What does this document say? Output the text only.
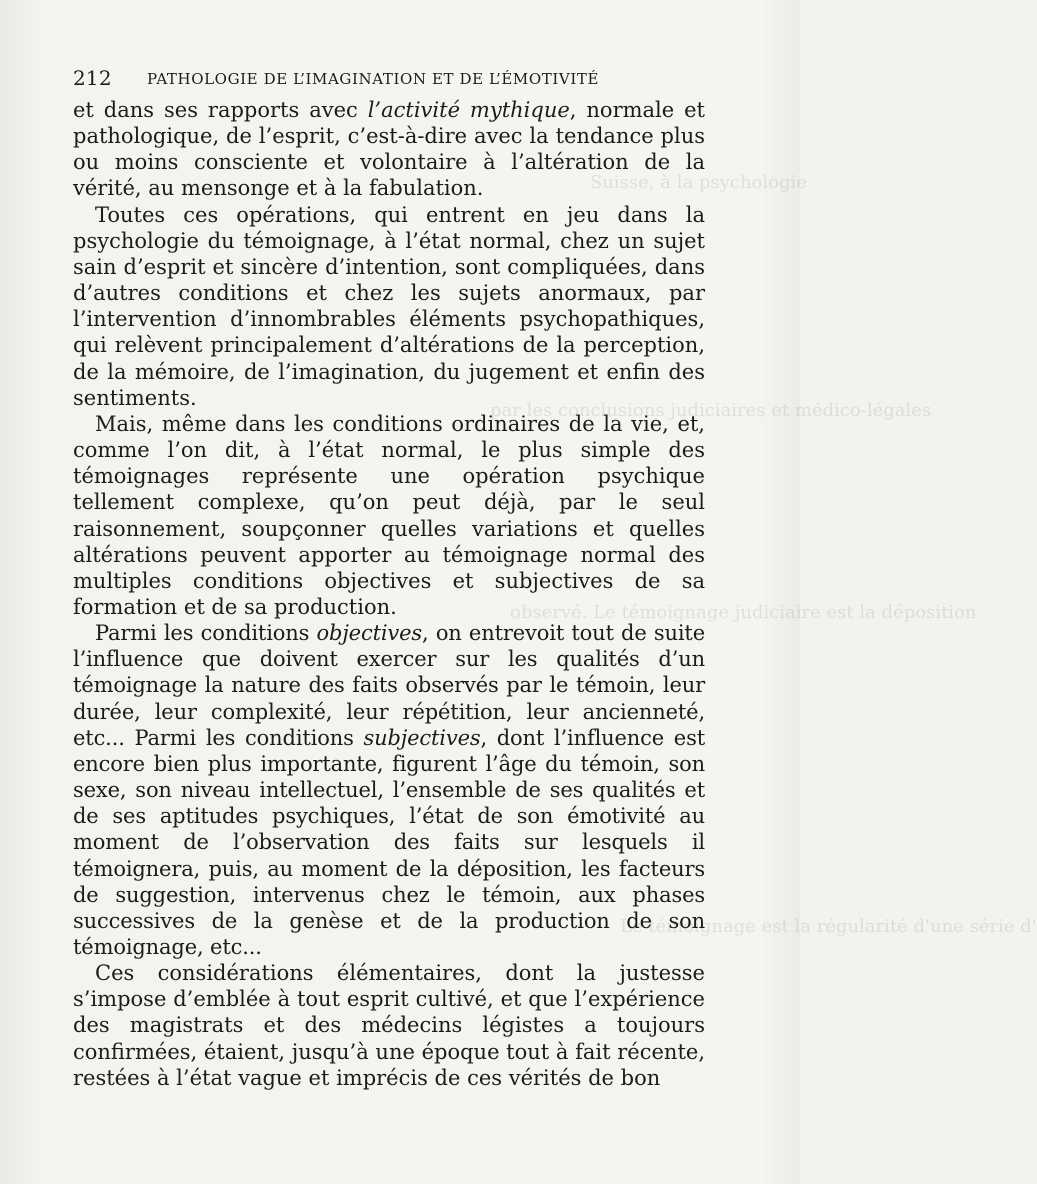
Suisse, à la psychologie
par les conclusions judiciaires et médico-légales
observé. Le témoignage judiciaire est la déposition
Le témoignage est la régularité d'une série d'
212 PATHOLOGIE DE L’IMAGINATION ET DE L’ÉMOTIVITÉ

et dans ses rapports avec l’activité mythique, normale et pathologique, de l’esprit, c’est-à-dire avec la tendance plus ou moins consciente et volontaire à l’altération de la vérité, au mensonge et à la fabulation.

Toutes ces opérations, qui entrent en jeu dans la psychologie du témoignage, à l’état normal, chez un sujet sain d’esprit et sincère d’intention, sont compliquées, dans d’autres conditions et chez les sujets anormaux, par l’intervention d’innombrables éléments psychopathiques, qui relèvent principalement d’altérations de la perception, de la mémoire, de l’imagination, du jugement et enfin des sentiments.

Mais, même dans les conditions ordinaires de la vie, et, comme l’on dit, à l’état normal, le plus simple des témoignages représente une opération psychique tellement complexe, qu’on peut déjà, par le seul raisonnement, soupçonner quelles variations et quelles altérations peuvent apporter au témoignage normal des multiples conditions objectives et subjectives de sa formation et de sa production.

Parmi les conditions objectives, on entrevoit tout de suite l’influence que doivent exercer sur les qualités d’un témoignage la nature des faits observés par le témoin, leur durée, leur complexité, leur répétition, leur ancienneté, etc... Parmi les conditions subjectives, dont l’influence est encore bien plus importante, figurent l’âge du témoin, son sexe, son niveau intellectuel, l’ensemble de ses qualités et de ses aptitudes psychiques, l’état de son émotivité au moment de l’observation des faits sur lesquels il témoignera, puis, au moment de la déposition, les facteurs de suggestion, intervenus chez le témoin, aux phases successives de la genèse et de la production de son témoignage, etc...

Ces considérations élémentaires, dont la justesse s’impose d’emblée à tout esprit cultivé, et que l’expérience des magistrats et des médecins légistes a toujours confirmées, étaient, jusqu’à une époque tout à fait récente, restées à l’état vague et imprécis de ces vérités de bon
